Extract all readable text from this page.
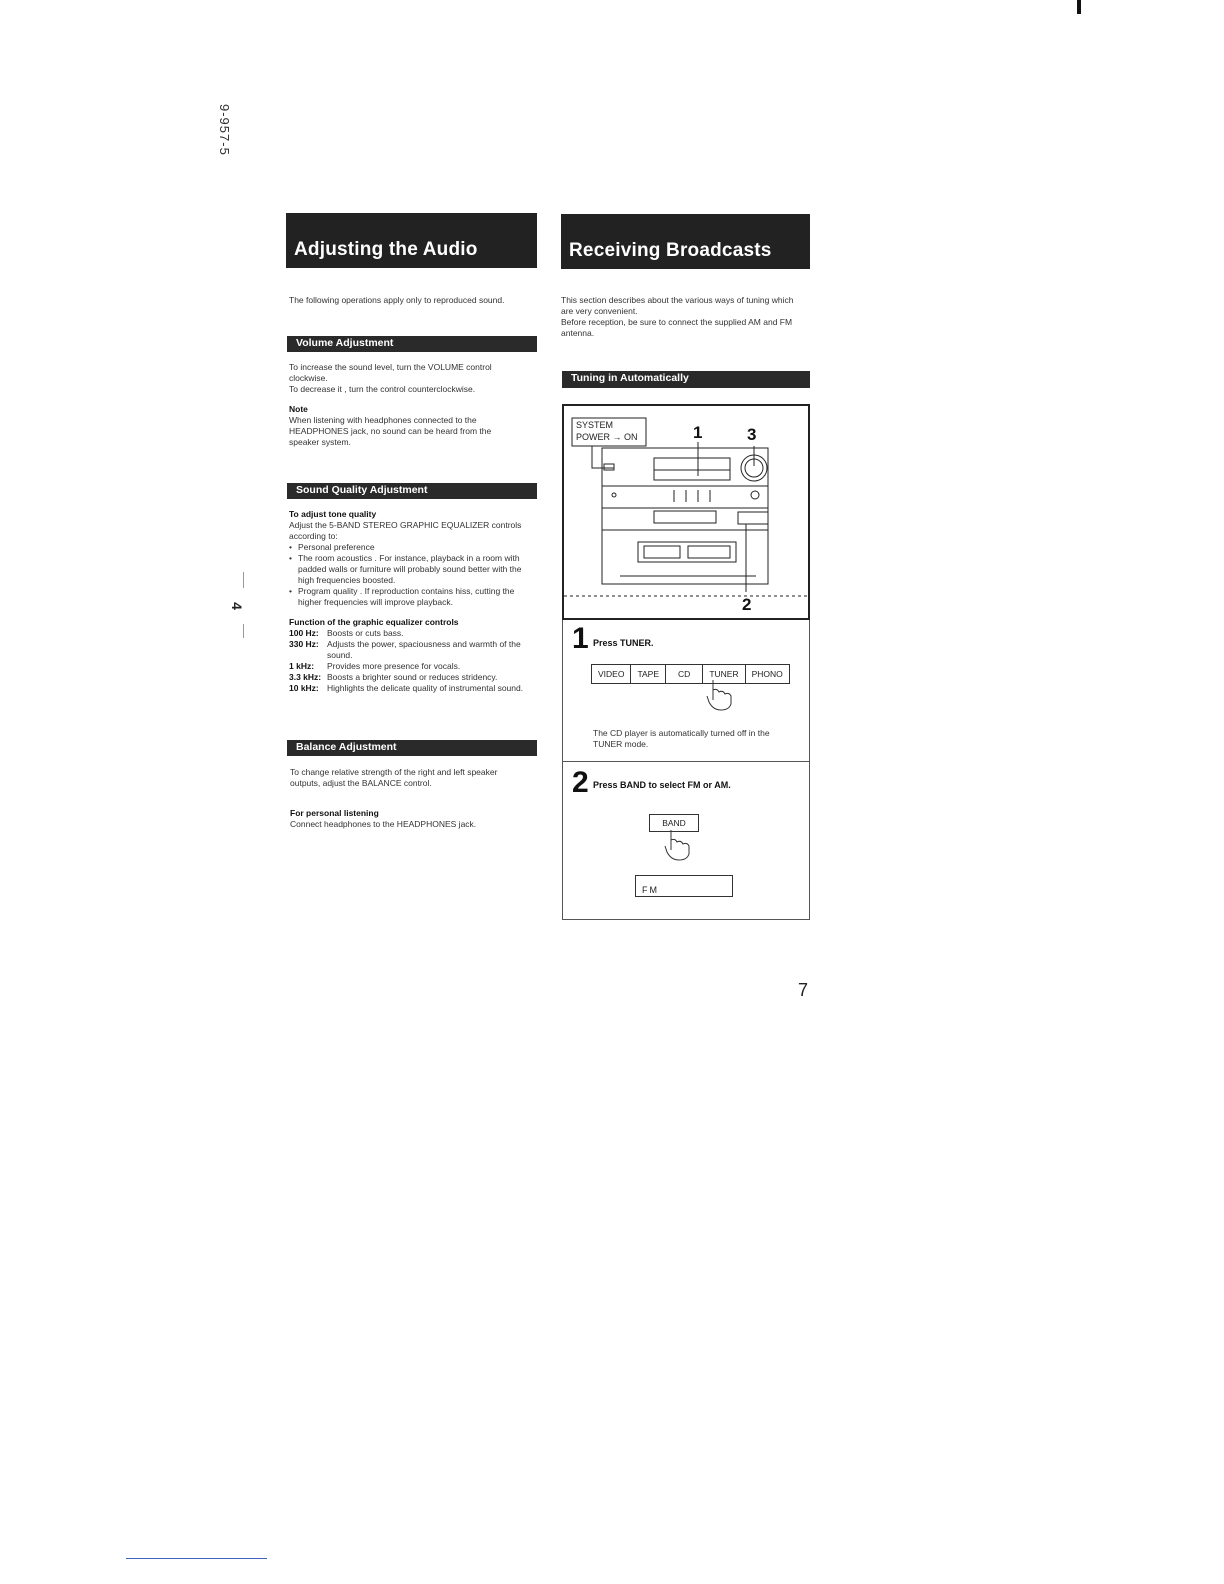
9-957-5
4
Adjusting the Audio
The following operations apply only to reproduced sound.
Volume Adjustment

To increase the sound level, turn the VOLUME control clockwise.

To decrease it , turn the control counterclockwise.

Note

When listening with headphones connected to the HEADPHONES jack, no sound can be heard from the speaker system.

Sound Quality Adjustment

To adjust tone quality

Adjust the 5-BAND STEREO GRAPHIC EQUALIZER controls according to:

• Personal preference
• The room acoustics . For instance, playback in a room with padded walls or furniture will probably sound better with the high frequencies boosted.
• Program quality . If reproduction contains hiss, cutting the higher frequencies will improve playback.

Function of the graphic equalizer controls

100 Hz: Boosts or cuts bass.
330 Hz: Adjusts the power, spaciousness and warmth of the sound.
1 kHz:	Provides more presence for vocals.
3.3 kHz: Boosts a brighter sound or reduces stridency.
10 kHz: Highlights the delicate quality of instrumental sound.
Balance Adjustment

To change relative strength of the right and left speaker outputs, adjust the BALANCE control.

For personal listening

Connect headphones to the HEADPHONES jack.

Receiving Broadcasts

This section describes about the various ways of tuning which are very convenient.

Before reception, be sure to connect the supplied AM and FM antenna.

Tuning in Automatically
SYSTEM
POWER → ON	1	3
2
1 Press TUNER.
VIDEO	TAPE	CD	TUNER	PHONO
The CD player is automatically turned off in the TUNER mode.
2 Press BAND to select FM or AM.
BAND
FM
7
